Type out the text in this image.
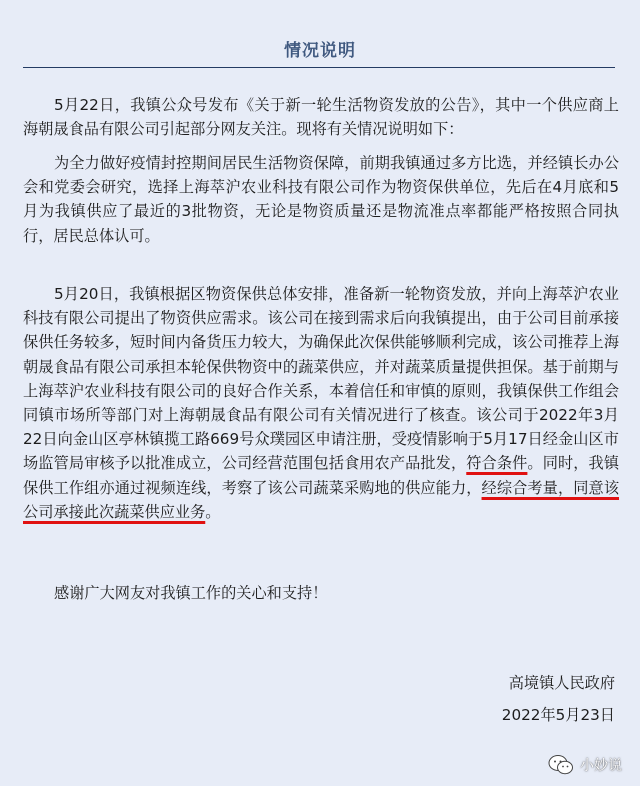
情况说明
5月22日，我镇公众号发布《关于新一轮生活物资发放的公告》，其中一个供应商上海朝晟食品有限公司引起部分网友关注。现将有关情况说明如下：
为全力做好疫情封控期间居民生活物资保障，前期我镇通过多方比选，并经镇长办公会和党委会研究，选择上海萃沪农业科技有限公司作为物资保供单位，先后在4月底和5月为我镇供应了最近的3批物资，无论是物资质量还是物流准点率都能严格按照合同执行，居民总体认可。
5月20日，我镇根据区物资保供总体安排，准备新一轮物资发放，并向上海萃沪农业科技有限公司提出了物资供应需求。该公司在接到需求后向我镇提出，由于公司目前承接保供任务较多，短时间内备货压力较大，为确保此次保供能够顺利完成，该公司推荐上海朝晟食品有限公司承担本轮保供物资中的蔬菜供应，并对蔬菜质量提供担保。基于前期与上海萃沪农业科技有限公司的良好合作关系，本着信任和审慎的原则，我镇保供工作组会同镇市场所等部门对上海朝晟食品有限公司有关情况进行了核查。该公司于2022年3月22日向金山区亭林镇揽工路669号众璞园区申请注册，受疫情影响于5月17日经金山区市场监管局审核予以批准成立，公司经营范围包括食用农产品批发，符合条件。同时，我镇保供工作组亦通过视频连线，考察了该公司蔬菜采购地的供应能力，经综合考量，同意该公司承接此次蔬菜供应业务。
感谢广大网友对我镇工作的关心和支持！
高境镇人民政府
2022年5月23日
小妙说
